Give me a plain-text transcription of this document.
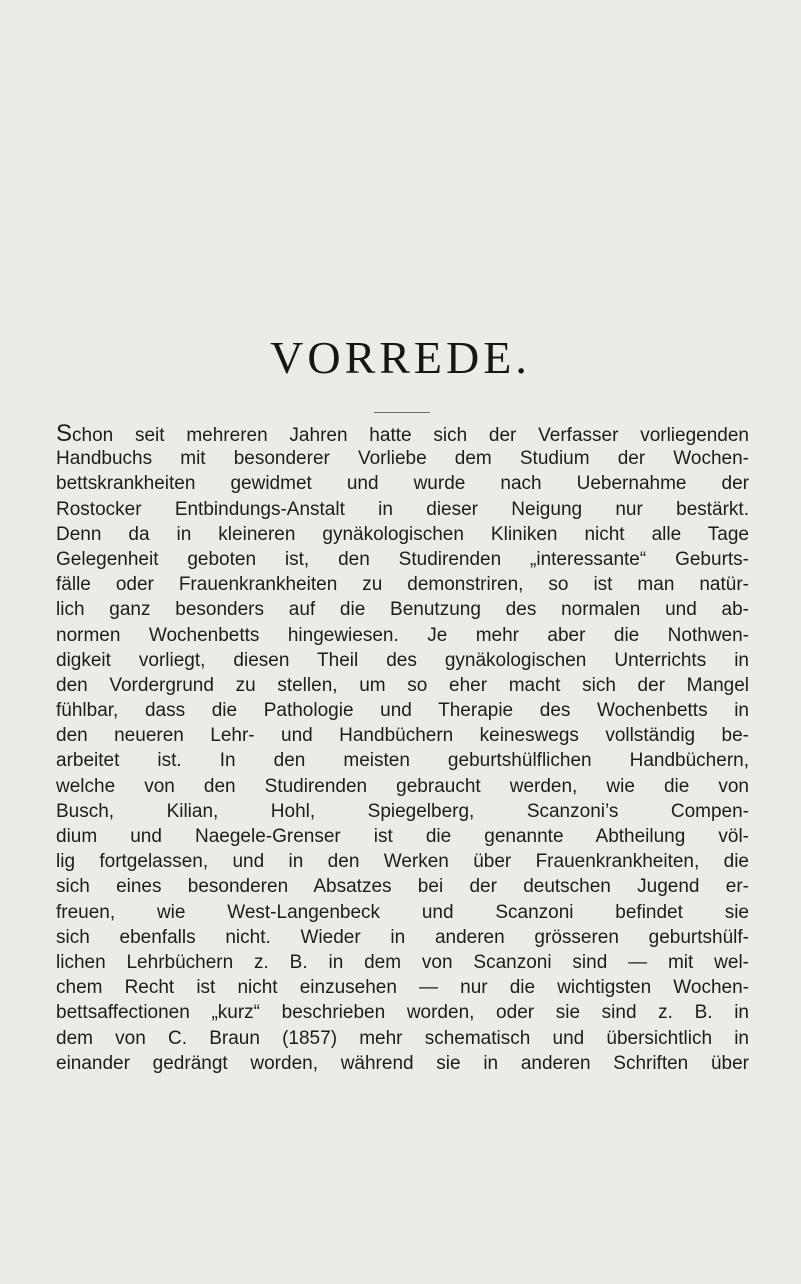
VORREDE.
Schon seit mehreren Jahren hatte sich der Verfasser vorliegenden
Handbuchs mit besonderer Vorliebe dem Studium der Wochen-
bettskrankheiten gewidmet und wurde nach Uebernahme der
Rostocker Entbindungs-Anstalt in dieser Neigung nur bestärkt.
Denn da in kleineren gynäkologischen Kliniken nicht alle Tage
Gelegenheit geboten ist, den Studirenden „interessante“ Geburts-
fälle oder Frauenkrankheiten zu demonstriren, so ist man natür-
lich ganz besonders auf die Benutzung des normalen und ab-
normen Wochenbetts hingewiesen. Je mehr aber die Nothwen-
digkeit vorliegt, diesen Theil des gynäkologischen Unterrichts in
den Vordergrund zu stellen, um so eher macht sich der Mangel
fühlbar, dass die Pathologie und Therapie des Wochenbetts in
den neueren Lehr- und Handbüchern keineswegs vollständig be-
arbeitet ist. In den meisten geburtshülflichen Handbüchern,
welche von den Studirenden gebraucht werden, wie die von
Busch, Kilian, Hohl, Spiegelberg, Scanzoni’s Compen-
dium und Naegele-Grenser ist die genannte Abtheilung völ-
lig fortgelassen, und in den Werken über Frauenkrankheiten, die
sich eines besonderen Absatzes bei der deutschen Jugend er-
freuen, wie West-Langenbeck und Scanzoni befindet sie
sich ebenfalls nicht. Wieder in anderen grösseren geburtshülf-
lichen Lehrbüchern z. B. in dem von Scanzoni sind — mit wel-
chem Recht ist nicht einzusehen — nur die wichtigsten Wochen-
bettsaffectionen „kurz“ beschrieben worden, oder sie sind z. B. in
dem von C. Braun (1857) mehr schematisch und übersichtlich in
einander gedrängt worden, während sie in anderen Schriften über
